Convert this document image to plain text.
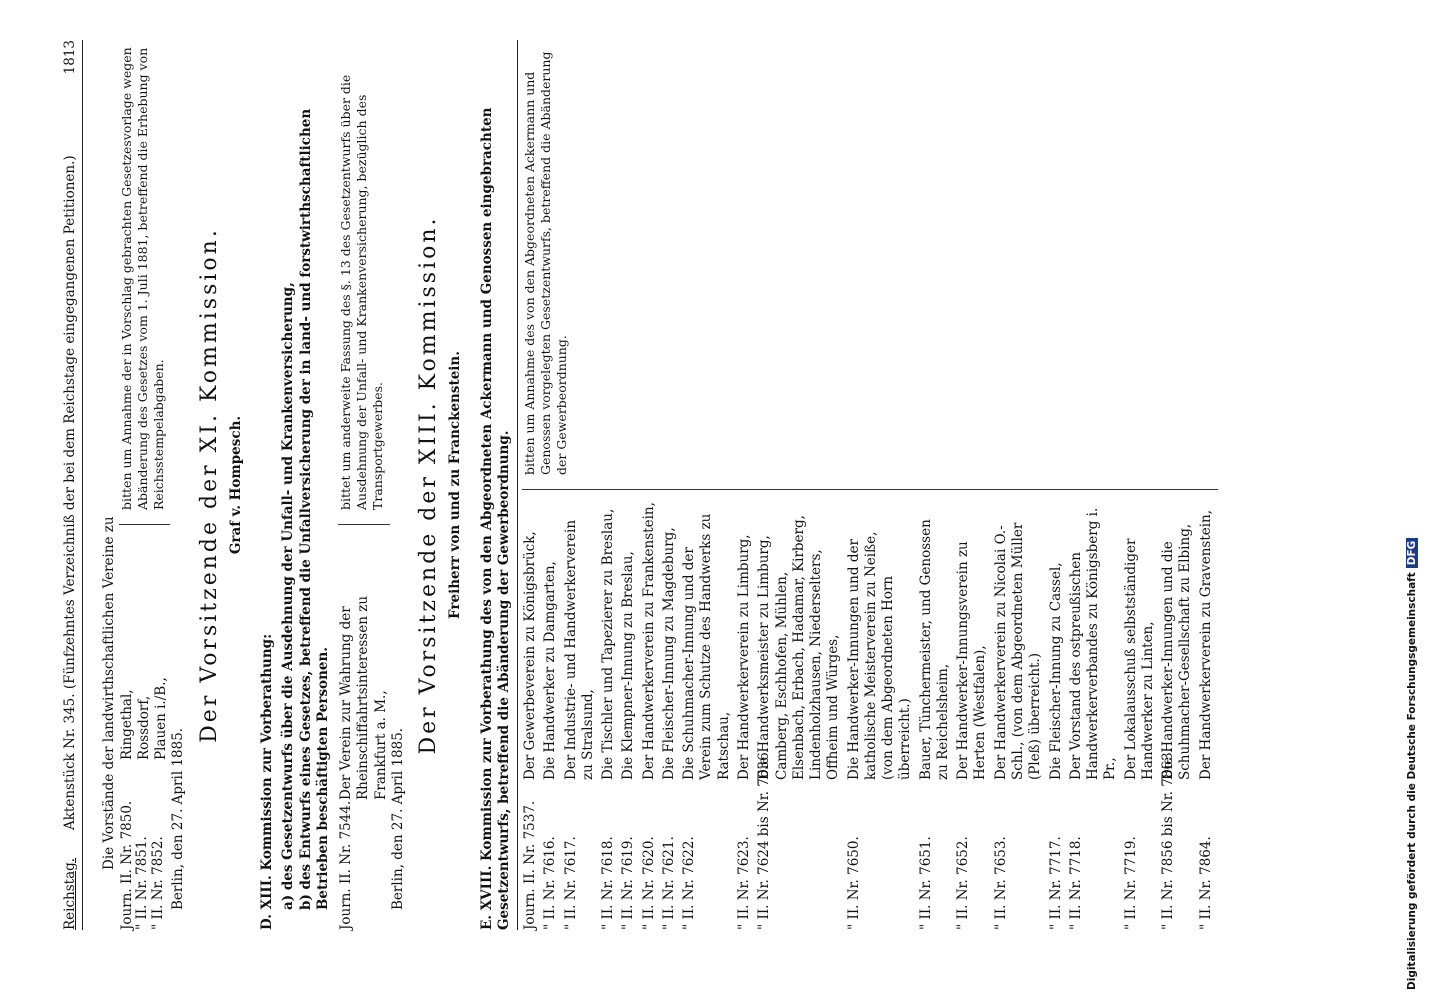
Reichstag.
Aktenstück Nr. 345. (Fünfzehntes Verzeichniß der bei dem Reichstage eingegangenen Petitionen.)
1813
Die Vorstände der landwirthschaftlichen Vereine zu Journ. II. Nr. 7850. " II. Nr. 7851. " II. Nr. 7852.
Ringethal, Rossdorf, Plauen i./B.,
bitten um Annahme der in Vorschlag gebrachten Gesetzesvorlage wegen Abänderung des Gesetzes vom 1. Juli 1881, betreffend die Erhebung von Reichsstempelabgaben.
Berlin, den 27. April 1885.
Der Vorsitzende der XI. Kommission. Graf v. Hompesch.
D. XIII. Kommission zur Vorberathung: a) des Gesetzentwurfs über die Ausdehnung der Unfall- und Krankenversicherung, b) des Entwurfs eines Gesetzes, betreffend die Unfallversicherung der in land- und forstwirthschaftlichen Betrieben beschäftigten Personen. Journ. II. Nr. 7544.
Der Verein zur Wahrung der Rheinschiffahrtsinteressen zu Frankfurt a. M.,
bittet um anderweite Fassung des §. 13 des Gesetzentwurfs über die Ausdehnung der Unfall- und Krankenversicherung, bezüglich des Transportgewerbes.
Berlin, den 27. April 1885.
Der Vorsitzende der XIII. Kommission. Freiherr von und zu Franckenstein.
E. XVIII. Kommission zur Vorberathung des von den Abgeordneten Ackermann und Genossen eingebrachten Gesetzentwurfs, betreffend die Abänderung der Gewerbeordnung. Journ. II. Nr. 7537.
Der Gewerbeverein zu Königsbrück,
" II. Nr. 7616.
Die Handwerker zu Damgarten,
" II. Nr. 7617.
Der Industrie- und Handwerkerverein zu Stralsund,
" II. Nr. 7618.
Die Tischler und Tapezierer zu Breslau,
" II. Nr. 7619.
Die Klempner-Innung zu Breslau,
" II. Nr. 7620.
Der Handwerkerverein zu Frankenstein,
" II. Nr. 7621.
Die Fleischer-Innung zu Magdeburg,
" II. Nr. 7622.
Die Schuhmacher-Innung und der Verein zum Schutze des Handwerks zu Ratschau,
" II. Nr. 7623.
Der Handwerkerverein zu Limburg,
" II. Nr. 7624 bis Nr. 7636.
Die Handwerksmeister zu Limburg, Camberg, Eschhofen, Mühlen, Elsenbach, Erbach, Hadamar, Kirberg, Lindenholzhausen, Niederselters, Offheim und Würges,
" II. Nr. 7650.
Die Handwerker-Innungen und der katholische Meisterverein zu Neiße, (von dem Abgeordneten Horn überreicht.)
" II. Nr. 7651.
Bauer, Tünchermeister, und Genossen zu Reichelsheim,
" II. Nr. 7652.
Der Handwerker-Innungsverein zu Herten (Westfalen),
" II. Nr. 7653.
Der Handwerkerverein zu Nicolai O.-Schl., (von dem Abgeordneten Müller (Pleß) überreicht.)
" II. Nr. 7717.
Die Fleischer-Innung zu Cassel,
" II. Nr. 7718.
Der Vorstand des ostpreußischen Handwerkerverbandes zu Königsberg i. Pr.,
" II. Nr. 7719.
Der Lokalausschuß selbstständiger Handwerker zu Linten,
" II. Nr. 7856 bis Nr. 7863.
Die Handwerker-Innungen und die Schuhmacher-Gesellschaft zu Elbing,
" II. Nr. 7864.
Der Handwerkerverein zu Gravenstein,
bitten um Annahme des von den Abgeordneten Ackermann und Genossen vorgelegten Gesetzentwurfs, betreffend die Abänderung der Gewerbeordnung.
Digitalisierung gefördert durch die Deutsche ForschungsgemeinschaftDFG
